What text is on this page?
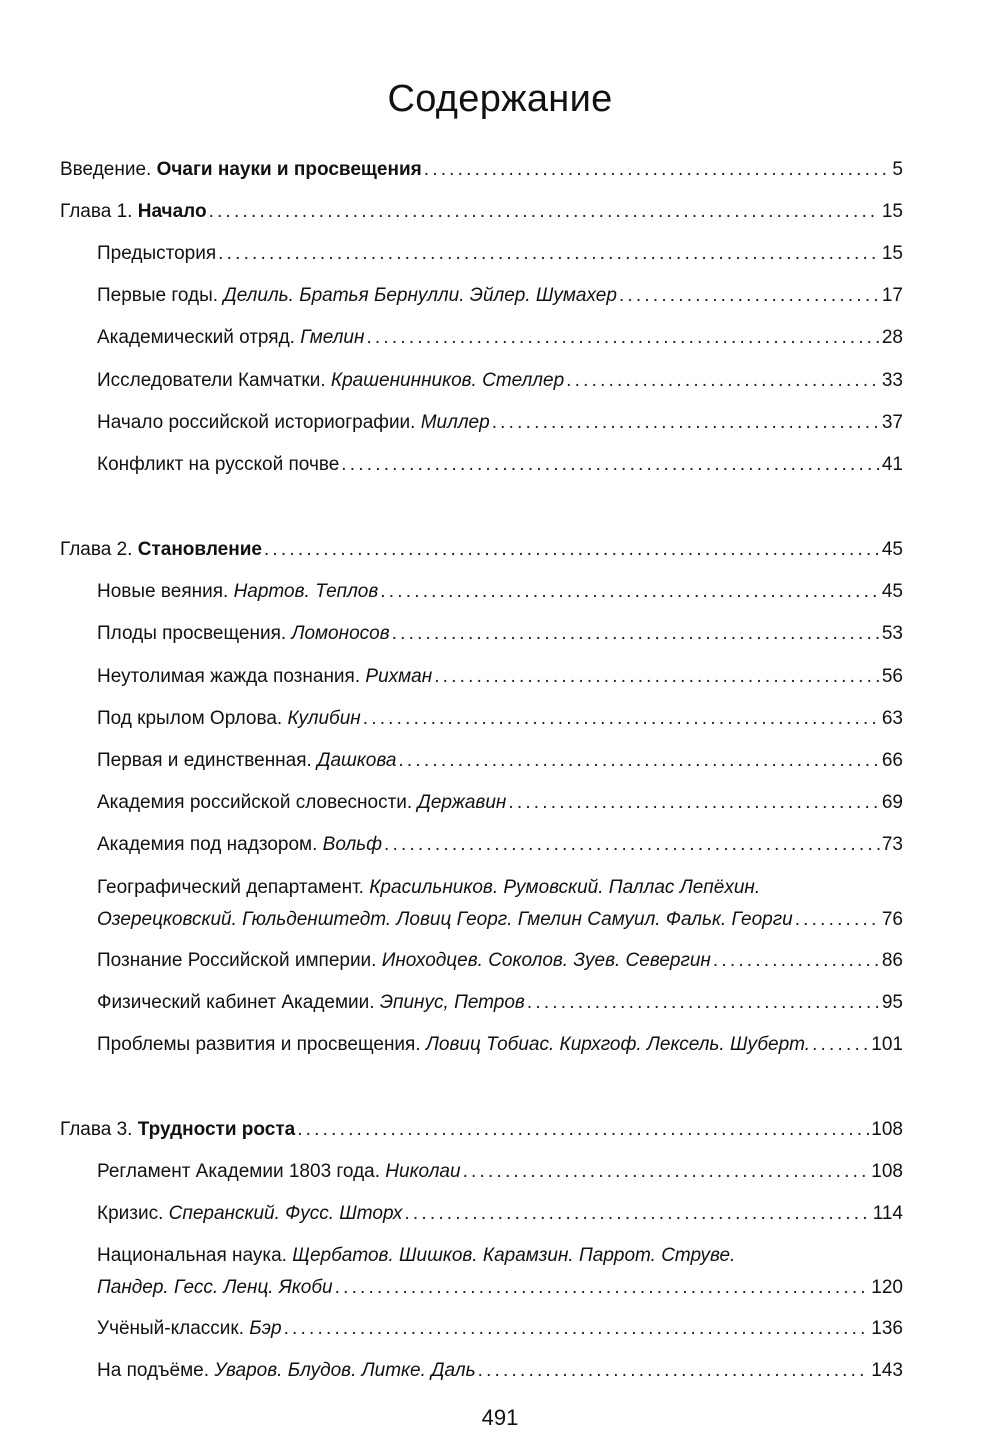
Содержание
Введение. Очаги науки и просвещения .....	5
Глава 1. Начало .....	15
Предыстория .....	15
Первые годы. Делиль. Братья Бернулли. Эйлер. Шумахер .....	17
Академический отряд. Гмелин .....	28
Исследователи Камчатки. Крашенинников. Стеллер .....	33
Начало российской историографии. Миллер .....	37
Конфликт на русской почве .....	41
Глава 2. Становление .....	45
Новые веяния. Нартов. Теплов .....	45
Плоды просвещения. Ломоносов .....	53
Неутолимая жажда познания. Рихман .....	56
Под крылом Орлова. Кулибин .....	63
Первая и единственная. Дашкова .....	66
Академия российской словесности. Державин .....	69
Академия под надзором. Вольф .....	73
Географический департамент. Красильников. Румовский. Паллас Лепёхин.
Озерецковский. Гюльденштедт. Ловиц Георг. Гмелин Самуил. Фальк. Георги .....	76
Познание Российской империи. Иноходцев. Соколов. Зуев. Севергин .....	86
Физический кабинет Академии. Эпинус, Петров .....	95
Проблемы развития и просвещения. Ловиц Тобиас. Кирхгоф. Лексель. Шуберт. .....	101
Глава 3. Трудности роста .....	108
Регламент Академии 1803 года. Николаи .....	108
Кризис. Сперанский. Фусс. Шторх .....	114
Национальная наука. Щербатов. Шишков. Карамзин. Паррот. Струве.
Пандер. Гесс. Ленц. Якоби .....	120
Учёный-классик. Бэр .....	136
На подъёме. Уваров. Блудов. Литке. Даль .....	143
491
